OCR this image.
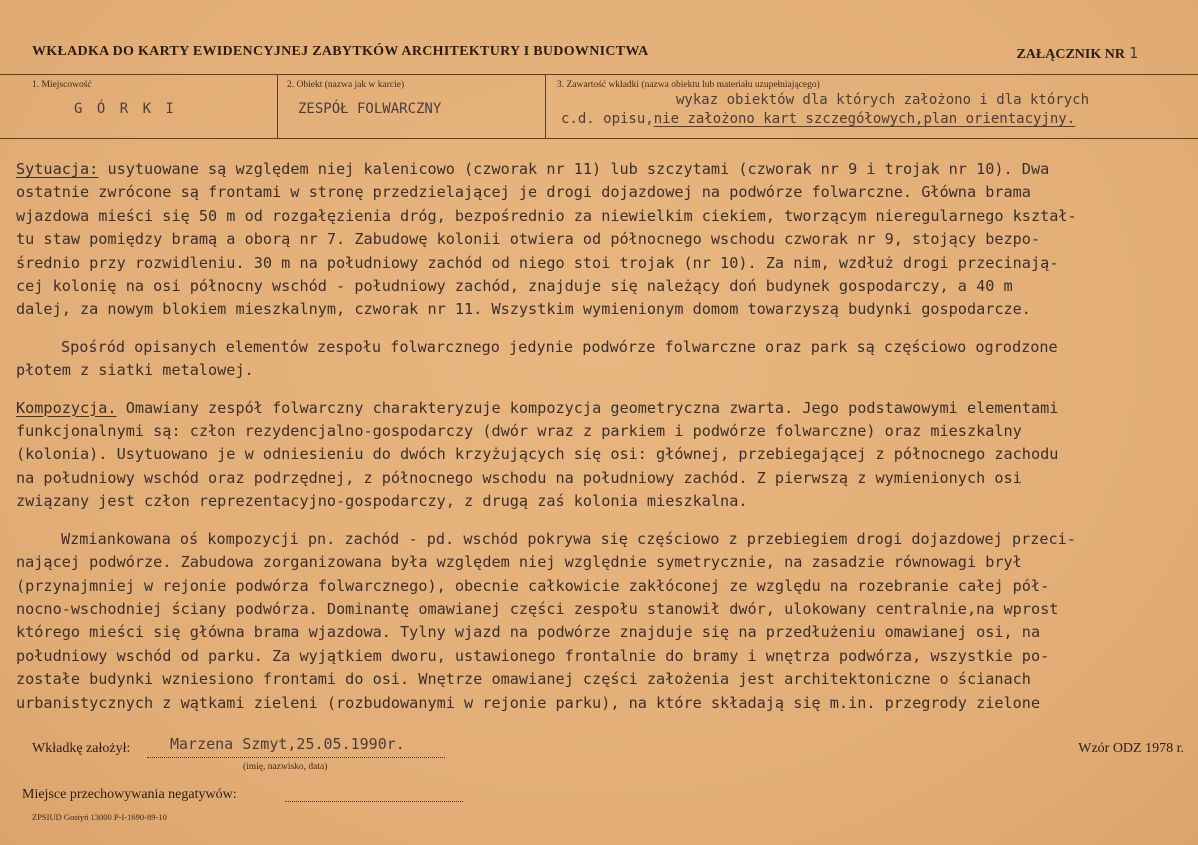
WKŁADKA DO KARTY EWIDENCYJNEJ ZABYTKÓW ARCHITEKTURY I BUDOWNICTWA	ZAŁĄCZNIK NR 1
1. Miejscowość
G Ó R K I
2. Obiekt (nazwa jak w karcie)
ZESPÓŁ FOLWARCZNY
3. Zawartość wkładki (nazwa obiektu lub materiału uzupełniającego)
wykaz obiektów dla których założono i dla których
c.d. opisu,nie założono kart szczegółowych,plan orientacyjny.

Sytuacja: usytuowane są względem niej kalenicowo (czworak nr 11) lub szczytami (czworak nr 9 i trojak nr 10). Dwa

ostatnie zwrócone są frontami w stronę przedzielającej je drogi dojazdowej na podwórze folwarczne. Główna brama

wjazdowa mieści się 50 m od rozgałęzienia dróg, bezpośrednio za niewielkim ciekiem, tworzącym nieregularnego kształ-

tu staw pomiędzy bramą a oborą nr 7. Zabudowę kolonii otwiera od północnego wschodu czworak nr 9, stojący bezpo-

średnio przy rozwidleniu. 30 m na południowy zachód od niego stoi trojak (nr 10). Za nim, wzdłuż drogi przecinają-

cej kolonię na osi północny wschód - południowy zachód, znajduje się należący doń budynek gospodarczy, a 40 m

dalej, za nowym blokiem mieszkalnym, czworak nr 11. Wszystkim wymienionym domom towarzyszą budynki gospodarcze.

Spośród opisanych elementów zespołu folwarcznego jedynie podwórze folwarczne oraz park są częściowo ogrodzone

płotem z siatki metalowej.

Kompozycja. Omawiany zespół folwarczny charakteryzuje kompozycja geometryczna zwarta. Jego podstawowymi elementami

funkcjonalnymi są: człon rezydencjalno-gospodarczy (dwór wraz z parkiem i podwórze folwarczne) oraz mieszkalny

(kolonia). Usytuowano je w odniesieniu do dwóch krzyżujących się osi: głównej, przebiegającej z północnego zachodu

na południowy wschód oraz podrzędnej, z północnego wschodu na południowy zachód. Z pierwszą z wymienionych osi

związany jest człon reprezentacyjno-gospodarczy, z drugą zaś kolonia mieszkalna.

Wzmiankowana oś kompozycji pn. zachód - pd. wschód pokrywa się częściowo z przebiegiem drogi dojazdowej przeci-

nającej podwórze. Zabudowa zorganizowana była względem niej względnie symetrycznie, na zasadzie równowagi brył

(przynajmniej w rejonie podwórza folwarcznego), obecnie całkowicie zakłóconej ze względu na rozebranie całej pół-

nocno-wschodniej ściany podwórza. Dominantę omawianej części zespołu stanowił dwór, ulokowany centralnie,na wprost

którego mieści się główna brama wjazdowa. Tylny wjazd na podwórze znajduje się na przedłużeniu omawianej osi, na

południowy wschód od parku. Za wyjątkiem dworu, ustawionego frontalnie do bramy i wnętrza podwórza, wszystkie po-

zostałe budynki wzniesiono frontami do osi. Wnętrze omawianej części założenia jest architektoniczne o ścianach

urbanistycznych z wątkami zieleni (rozbudowanymi w rejonie parku), na które składają się m.in. przegrody zielone

Wkładkę założył:	Marzena Szmyt,25.05.1990r.
(imię, nazwisko, data)
Wzór ODZ 1978 r.
Miejsce przechowywania negatywów:
ZPSIUD Gostyń 13000 P-I-1690-89-10
